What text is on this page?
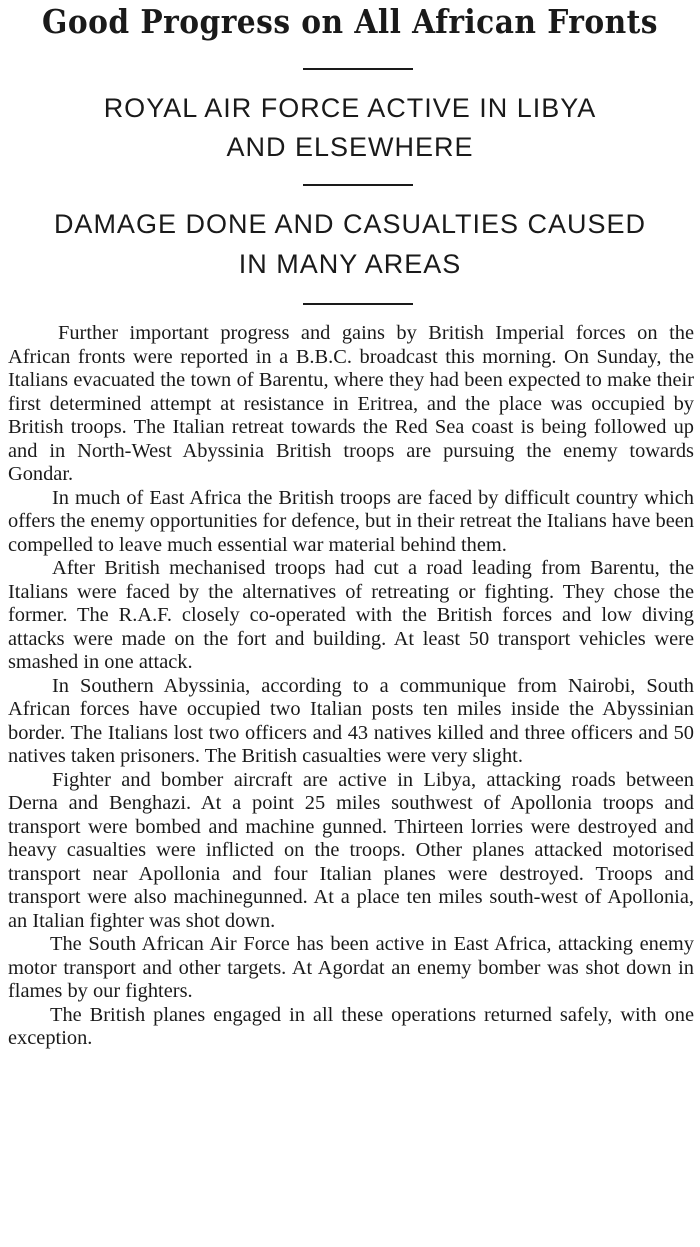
Good Progress on All African Fronts
ROYAL AIR FORCE ACTIVE IN LIBYA
AND ELSEWHERE
DAMAGE DONE AND CASUALTIES CAUSED
IN MANY AREAS

Further important progress and gains by British Imperial forces on the African fronts were reported in a B.B.C. broadcast this morning. On Sunday, the Italians evacuated the town of Barentu, where they had been expected to make their first determined attempt at resistance in Eritrea, and the place was occupied by British troops. The Italian retreat towards the Red Sea coast is being followed up and in North-West Abyssinia British troops are pursuing the enemy towards Gondar.

In much of East Africa the British troops are faced by difficult country which offers the enemy opportunities for defence, but in their retreat the Italians have been compelled to leave much essential war material behind them.

After British mechanised troops had cut a road leading from Barentu, the Italians were faced by the alternatives of retreating or fighting. They chose the former. The R.A.F. closely co-operated with the British forces and low diving attacks were made on the fort and building. At least 50 transport vehicles were smashed in one attack.

In Southern Abyssinia, according to a communique from Nairobi, South African forces have occupied two Italian posts ten miles inside the Abyssinian border. The Italians lost two officers and 43 natives killed and three officers and 50 natives taken prisoners. The British casualties were very slight.

Fighter and bomber aircraft are active in Libya, attacking roads between Derna and Benghazi. At a point 25 miles southwest of Apollonia troops and transport were bombed and machine gunned. Thirteen lorries were destroyed and heavy casualties were inflicted on the troops. Other planes attacked motorised transport near Apollonia and four Italian planes were destroyed. Troops and transport were also machinegunned. At a place ten miles south-west of Apollonia, an Italian fighter was shot down.

The South African Air Force has been active in East Africa, attacking enemy motor transport and other targets. At Agordat an enemy bomber was shot down in flames by our fighters.

The British planes engaged in all these operations returned safely, with one exception.
